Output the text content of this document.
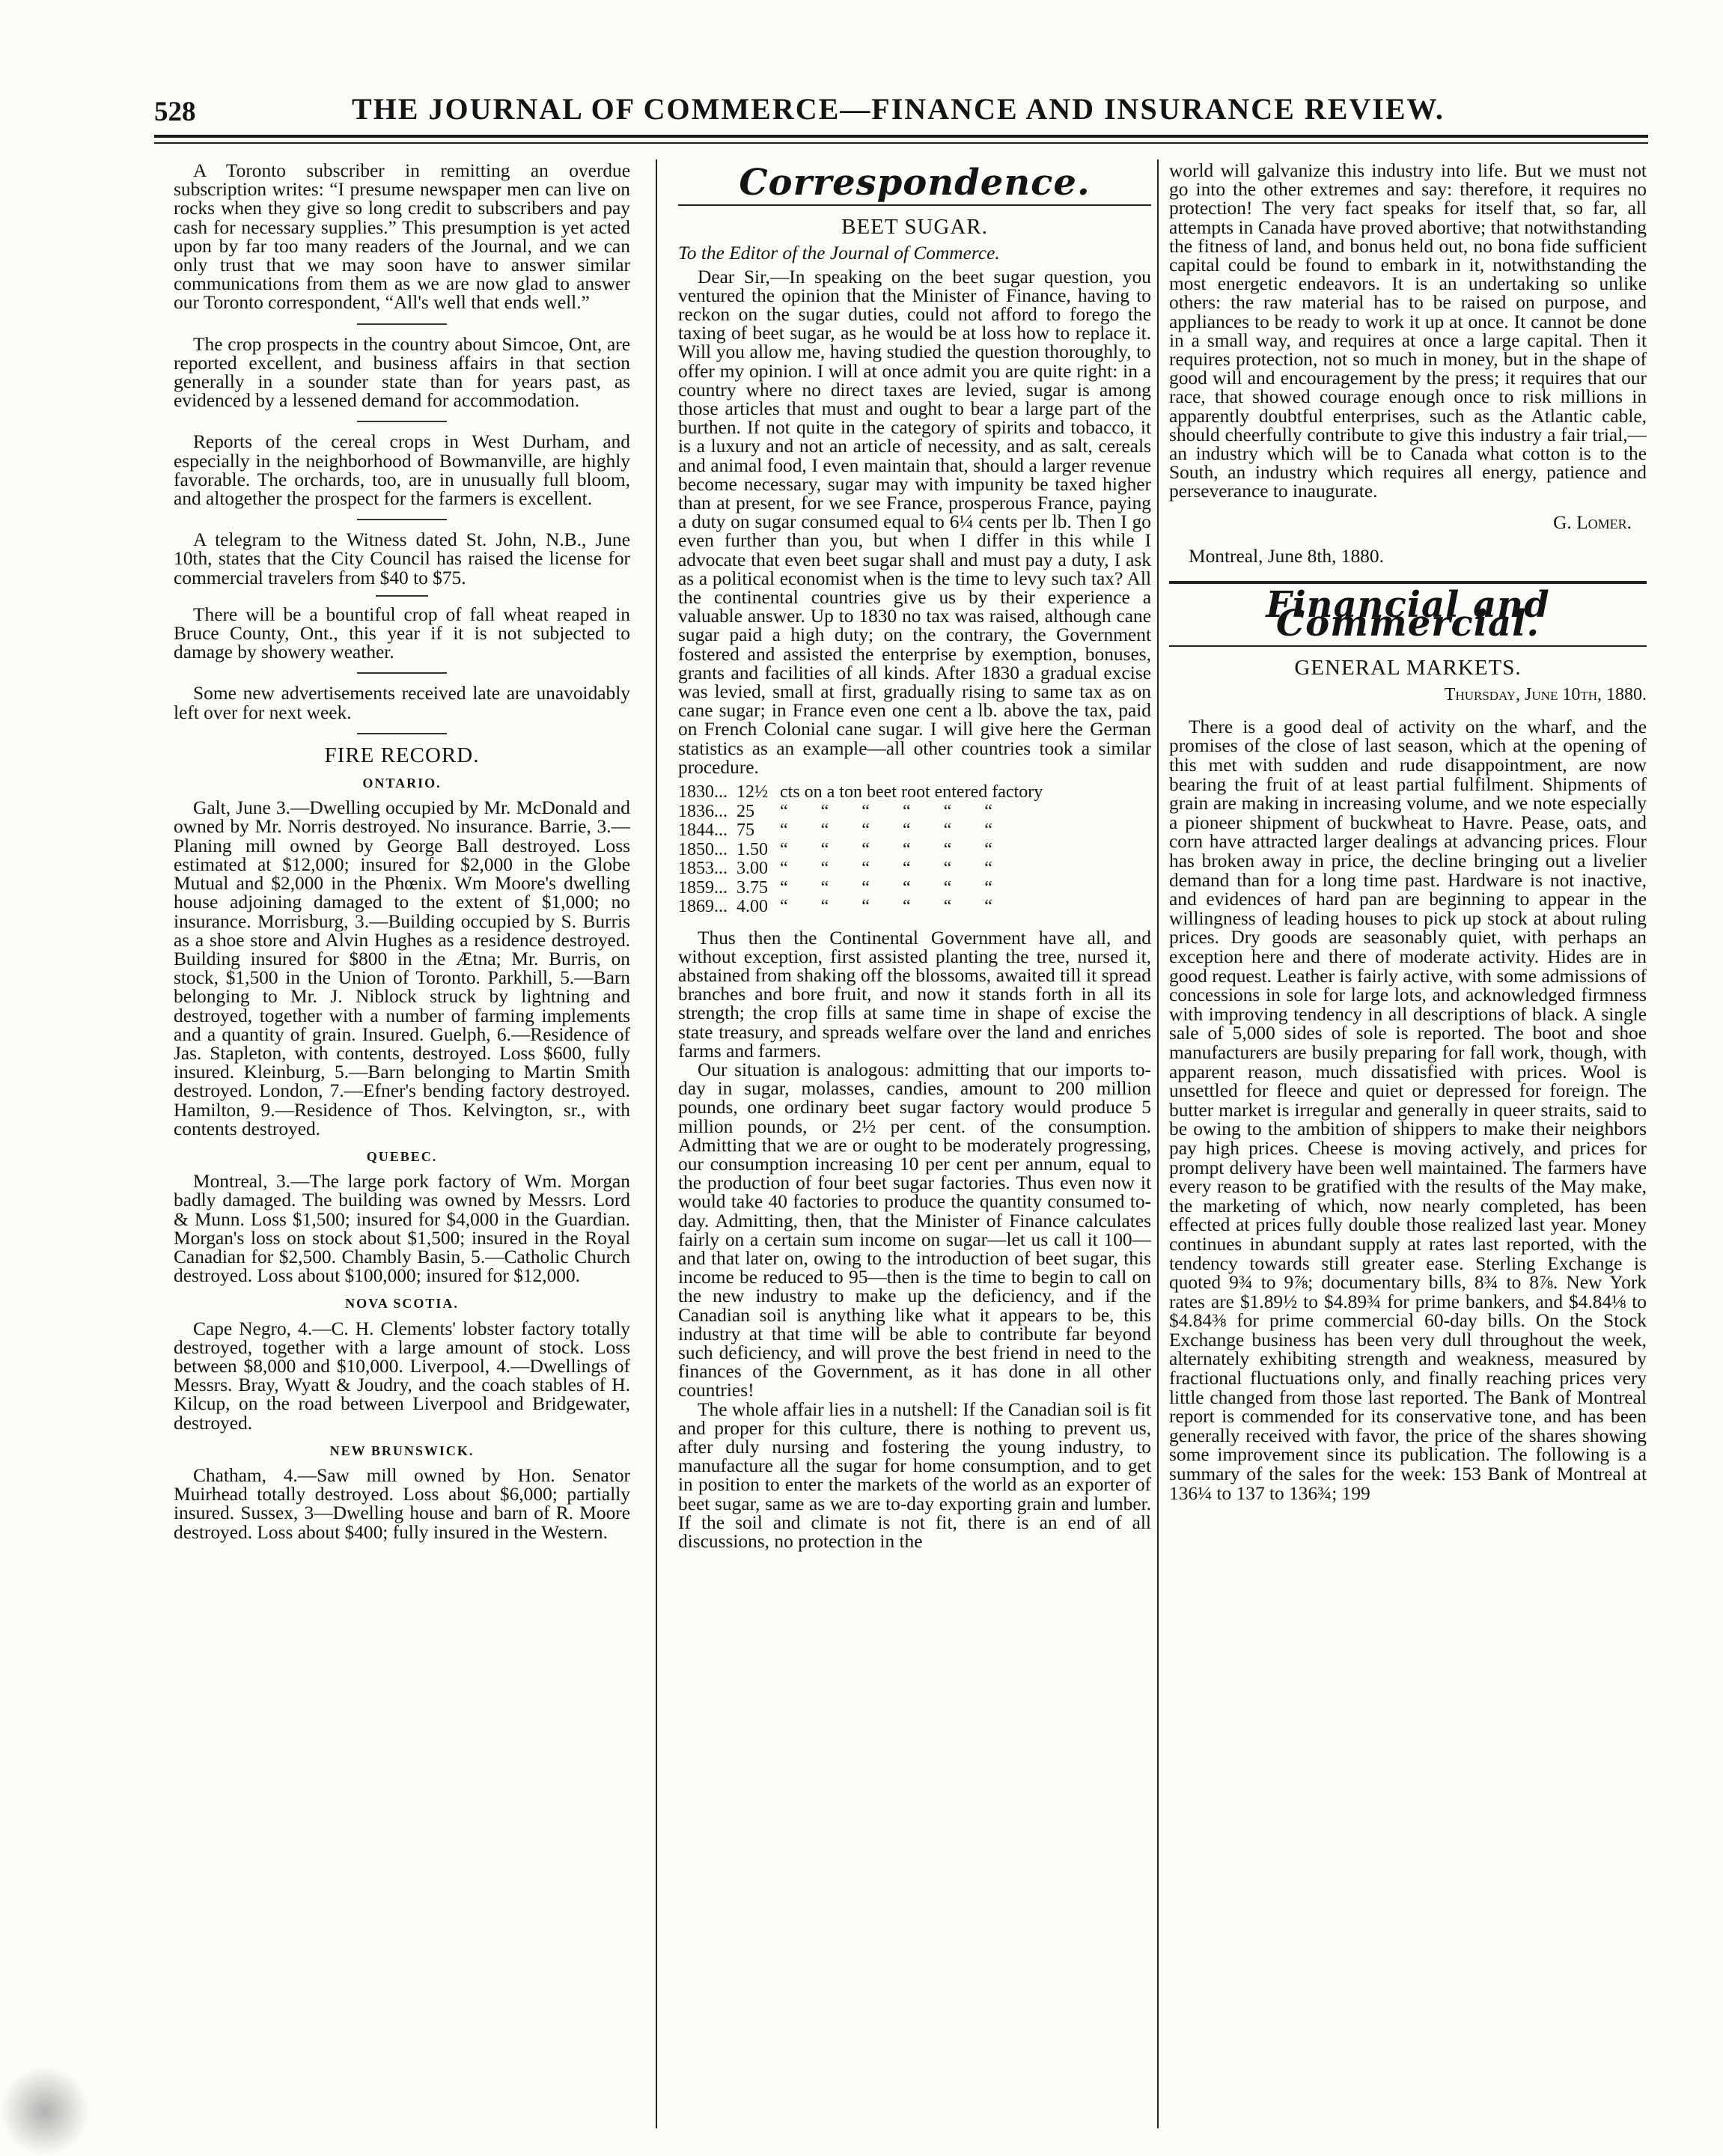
528	THE JOURNAL OF COMMERCE—FINANCE AND INSURANCE REVIEW.

A Toronto subscriber in remitting an overdue subscription writes: “I presume newspaper men can live on rocks when they give so long credit to subscribers and pay cash for necessary supplies.” This presumption is yet acted upon by far too many readers of the Journal, and we can only trust that we may soon have to answer similar communications from them as we are now glad to answer our Toronto correspondent, “All's well that ends well.”

The crop prospects in the country about Simcoe, Ont, are reported excellent, and business affairs in that section generally in a sounder state than for years past, as evidenced by a lessened demand for accommodation.

Reports of the cereal crops in West Durham, and especially in the neighborhood of Bowmanville, are highly favorable. The orchards, too, are in unusually full bloom, and altogether the prospect for the farmers is excellent.

A telegram to the Witness dated St. John, N.B., June 10th, states that the City Council has raised the license for commercial travelers from $40 to $75.

There will be a bountiful crop of fall wheat reaped in Bruce County, Ont., this year if it is not subjected to damage by showery weather.

Some new advertisements received late are unavoidably left over for next week.

FIRE RECORD.
ONTARIO.

Galt, June 3.—Dwelling occupied by Mr. McDonald and owned by Mr. Norris destroyed. No insurance. Barrie, 3.—Planing mill owned by George Ball destroyed. Loss estimated at $12,000; insured for $2,000 in the Globe Mutual and $2,000 in the Phœnix. Wm Moore's dwelling house adjoining damaged to the extent of $1,000; no insurance. Morrisburg, 3.—Building occupied by S. Burris as a shoe store and Alvin Hughes as a residence destroyed. Building insured for $800 in the Ætna; Mr. Burris, on stock, $1,500 in the Union of Toronto. Parkhill, 5.—Barn belonging to Mr. J. Niblock struck by lightning and destroyed, together with a number of farming implements and a quantity of grain. Insured. Guelph, 6.—Residence of Jas. Stapleton, with contents, destroyed. Loss $600, fully insured. Kleinburg, 5.—Barn belonging to Martin Smith destroyed. London, 7.—Efner's bending factory destroyed. Hamilton, 9.—Residence of Thos. Kelvington, sr., with contents destroyed.

QUEBEC.

Montreal, 3.—The large pork factory of Wm. Morgan badly damaged. The building was owned by Messrs. Lord & Munn. Loss $1,500; insured for $4,000 in the Guardian. Morgan's loss on stock about $1,500; insured in the Royal Canadian for $2,500. Chambly Basin, 5.—Catholic Church destroyed. Loss about $100,000; insured for $12,000.

NOVA SCOTIA.

Cape Negro, 4.—C. H. Clements' lobster factory totally destroyed, together with a large amount of stock. Loss between $8,000 and $10,000. Liverpool, 4.—Dwellings of Messrs. Bray, Wyatt & Joudry, and the coach stables of H. Kilcup, on the road between Liverpool and Bridgewater, destroyed.

NEW BRUNSWICK.

Chatham, 4.—Saw mill owned by Hon. Senator Muirhead totally destroyed. Loss about $6,000; partially insured. Sussex, 3—Dwelling house and barn of R. Moore destroyed. Loss about $400; fully insured in the Western.

Correspondence.
BEET SUGAR.

To the Editor of the Journal of Commerce.

Dear Sir,—In speaking on the beet sugar question, you ventured the opinion that the Minister of Finance, having to reckon on the sugar duties, could not afford to forego the taxing of beet sugar, as he would be at loss how to replace it. Will you allow me, having studied the question thoroughly, to offer my opinion. I will at once admit you are quite right: in a country where no direct taxes are levied, sugar is among those articles that must and ought to bear a large part of the burthen. If not quite in the category of spirits and tobacco, it is a luxury and not an article of necessity, and as salt, cereals and animal food, I even maintain that, should a larger revenue become necessary, sugar may with impunity be taxed higher than at present, for we see France, prosperous France, paying a duty on sugar consumed equal to 6¼ cents per lb. Then I go even further than you, but when I differ in this while I advocate that even beet sugar shall and must pay a duty, I ask as a political economist when is the time to levy such tax? All the continental countries give us by their experience a valuable answer. Up to 1830 no tax was raised, although cane sugar paid a high duty; on the contrary, the Government fostered and assisted the enterprise by exemption, bonuses, grants and facilities of all kinds. After 1830 a gradual excise was levied, small at first, gradually rising to same tax as on cane sugar; in France even one cent a lb. above the tax, paid on French Colonial cane sugar. I will give here the German statistics as an example—all other countries took a similar procedure.

1830... 12½ cts on a ton beet root entered factory
1836... 25	“ “ “ “ “ “
1844... 75	“ “ “ “ “ “
1850... 1.50 “ “ “ “ “ “
1853... 3.00 “ “ “ “ “ “
1859... 3.75 “ “ “ “ “ “
1869... 4.00 “ “ “ “ “ “

Thus then the Continental Government have all, and without exception, first assisted planting the tree, nursed it, abstained from shaking off the blossoms, awaited till it spread branches and bore fruit, and now it stands forth in all its strength; the crop fills at same time in shape of excise the state treasury, and spreads welfare over the land and enriches farms and farmers.

Our situation is analogous: admitting that our imports to-day in sugar, molasses, candies, amount to 200 million pounds, one ordinary beet sugar factory would produce 5 million pounds, or 2½ per cent. of the consumption. Admitting that we are or ought to be moderately progressing, our consumption increasing 10 per cent per annum, equal to the production of four beet sugar factories. Thus even now it would take 40 factories to produce the quantity consumed to-day. Admitting, then, that the Minister of Finance calculates fairly on a certain sum income on sugar—let us call it 100—and that later on, owing to the introduction of beet sugar, this income be reduced to 95—then is the time to begin to call on the new industry to make up the deficiency, and if the Canadian soil is anything like what it appears to be, this industry at that time will be able to contribute far beyond such deficiency, and will prove the best friend in need to the finances of the Government, as it has done in all other countries!

The whole affair lies in a nutshell: If the Canadian soil is fit and proper for this culture, there is nothing to prevent us, after duly nursing and fostering the young industry, to manufacture all the sugar for home consumption, and to get in position to enter the markets of the world as an exporter of beet sugar, same as we are to-day exporting grain and lumber. If the soil and climate is not fit, there is an end of all discussions, no protection in the

world will galvanize this industry into life. But we must not go into the other extremes and say: therefore, it requires no protection! The very fact speaks for itself that, so far, all attempts in Canada have proved abortive; that notwithstanding the fitness of land, and bonus held out, no bona fide sufficient capital could be found to embark in it, notwithstanding the most energetic endeavors. It is an undertaking so unlike others: the raw material has to be raised on purpose, and appliances to be ready to work it up at once. It cannot be done in a small way, and requires at once a large capital. Then it requires protection, not so much in money, but in the shape of good will and encouragement by the press; it requires that our race, that showed courage enough once to risk millions in apparently doubtful enterprises, such as the Atlantic cable, should cheerfully contribute to give this industry a fair trial,—an industry which will be to Canada what cotton is to the South, an industry which requires all energy, patience and perseverance to inaugurate.

G. Lomer.

Montreal, June 8th, 1880.

Financial and Commercial.
GENERAL MARKETS.
Thursday, June 10th, 1880.

There is a good deal of activity on the wharf, and the promises of the close of last season, which at the opening of this met with sudden and rude disappointment, are now bearing the fruit of at least partial fulfilment. Shipments of grain are making in increasing volume, and we note especially a pioneer shipment of buckwheat to Havre. Pease, oats, and corn have attracted larger dealings at advancing prices. Flour has broken away in price, the decline bringing out a livelier demand than for a long time past. Hardware is not inactive, and evidences of hard pan are beginning to appear in the willingness of leading houses to pick up stock at about ruling prices. Dry goods are seasonably quiet, with perhaps an exception here and there of moderate activity. Hides are in good request. Leather is fairly active, with some admissions of concessions in sole for large lots, and acknowledged firmness with improving tendency in all descriptions of black. A single sale of 5,000 sides of sole is reported. The boot and shoe manufacturers are busily preparing for fall work, though, with apparent reason, much dissatisfied with prices. Wool is unsettled for fleece and quiet or depressed for foreign. The butter market is irregular and generally in queer straits, said to be owing to the ambition of shippers to make their neighbors pay high prices. Cheese is moving actively, and prices for prompt delivery have been well maintained. The farmers have every reason to be gratified with the results of the May make, the marketing of which, now nearly completed, has been effected at prices fully double those realized last year. Money continues in abundant supply at rates last reported, with the tendency towards still greater ease. Sterling Exchange is quoted 9¾ to 9⅞; documentary bills, 8¾ to 8⅞. New York rates are $1.89½ to $4.89¾ for prime bankers, and $4.84⅛ to $4.84⅜ for prime commercial 60-day bills. On the Stock Exchange business has been very dull throughout the week, alternately exhibiting strength and weakness, measured by fractional fluctuations only, and finally reaching prices very little changed from those last reported. The Bank of Montreal report is commended for its conservative tone, and has been generally received with favor, the price of the shares showing some improvement since its publication. The following is a summary of the sales for the week: 153 Bank of Montreal at 136¼ to 137 to 136¾; 199
